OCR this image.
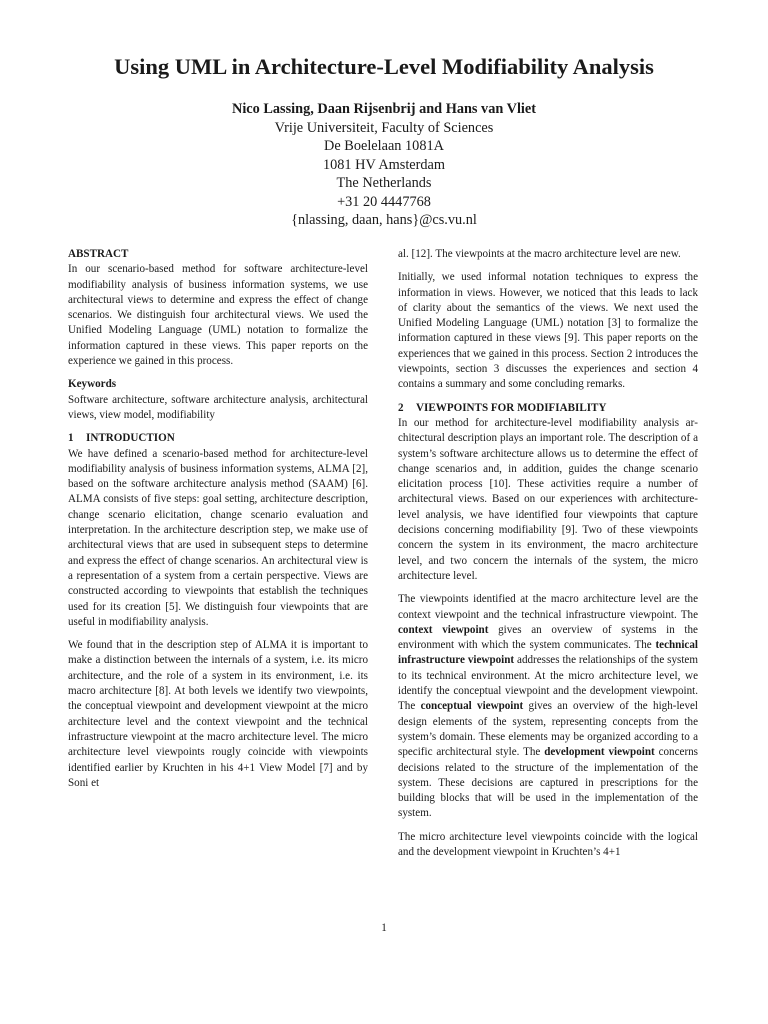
Using UML in Architecture-Level Modifiability Analysis
Nico Lassing, Daan Rijsenbrij and Hans van Vliet
Vrije Universiteit, Faculty of Sciences
De Boelelaan 1081A
1081 HV Amsterdam
The Netherlands
+31 20 4447768
{nlassing, daan, hans}@cs.vu.nl
ABSTRACT

In our scenario-based method for software architecture-level modifiability analysis of business information systems, we use architectural views to determine and express the effect of change scenarios. We distinguish four architectural views. We used the Unified Modeling Language (UML) notation to formalize the information captured in these views. This paper reports on the experience we gained in this process.

Keywords

Software architecture, software architecture analysis, architectural views, view model, modifiability

1 INTRODUCTION

We have defined a scenario-based method for architecture-level modifiability analysis of business information systems, ALMA [2], based on the software architecture analysis method (SAAM) [6]. ALMA consists of five steps: goal setting, architecture description, change scenario elicitation, change scenario evaluation and interpretation. In the architecture description step, we make use of architectural views that are used in subsequent steps to determine and express the effect of change scenarios. An architectural view is a representation of a system from a certain perspective. Views are constructed according to viewpoints that establish the techniques used for its creation [5]. We distinguish four viewpoints that are useful in modifiability analysis.

We found that in the description step of ALMA it is important to make a distinction between the internals of a system, i.e. its micro architecture, and the role of a system in its environment, i.e. its macro architecture [8]. At both levels we identify two viewpoints, the conceptual viewpoint and development viewpoint at the micro architecture level and the context viewpoint and the technical infrastructure viewpoint at the macro architecture level. The micro architecture level viewpoints rougly coincide with viewpoints identified earlier by Kruchten in his 4+1 View Model [7] and by Soni et

al. [12]. The viewpoints at the macro architecture level are new.

Initially, we used informal notation techniques to express the information in views. However, we noticed that this leads to lack of clarity about the semantics of the views. We next used the Unified Modeling Language (UML) notation [3] to formalize the information captured in these views [9]. This paper reports on the experiences that we gained in this process. Section 2 introduces the viewpoints, section 3 discusses the experiences and section 4 contains a summary and some concluding remarks.

2 VIEWPOINTS FOR MODIFIABILITY

In our method for architecture-level modifiability analysis architectural description plays an important role. The description of a system’s software architecture allows us to determine the effect of change scenarios and, in addition, guides the change scenario elicitation process [10]. These activities require a number of architectural views. Based on our experiences with architecture-level analysis, we have identified four viewpoints that capture decisions concerning modifiability [9]. Two of these viewpoints concern the system in its environment, the macro architecture level, and two concern the internals of the system, the micro architecture level.

The viewpoints identified at the macro architecture level are the context viewpoint and the technical infrastructure viewpoint. The context viewpoint gives an overview of systems in the environment with which the system communicates. The technical infrastructure viewpoint addresses the relationships of the system to its technical environment. At the micro architecture level, we identify the conceptual viewpoint and the development viewpoint. The conceptual viewpoint gives an overview of the high-level design elements of the system, representing concepts from the system’s domain. These elements may be organized according to a specific architectural style. The development viewpoint concerns decisions related to the structure of the implementation of the system. These decisions are captured in prescriptions for the building blocks that will be used in the implementation of the system.

The micro architecture level viewpoints coincide with the logical and the development viewpoint in Kruchten’s 4+1

1
